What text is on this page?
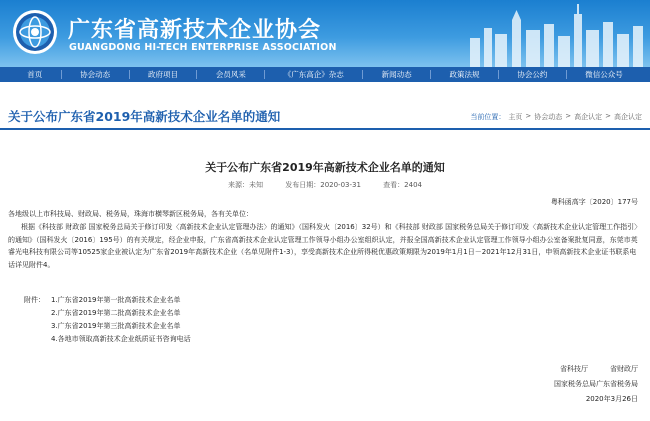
广东省高新技术企业协会
GUANGDONG HI-TECH ENTERPRISE ASSOCIATION
首页	协会动态	政府项目	会员风采	《广东高企》杂志	新闻动态	政策法规	协会公约	微信公众号
关于公布广东省2019年高新技术企业名单的通知	当前位置： 主页 > 协会动态 > 高企认定 > 高企认定
关于公布广东省2019年高新技术企业名单的通知
来源：未知	发布日期：2020-03-31	查看：2404
粤科函高字〔2020〕177号
各地级以上市科技局、财政局、税务局，珠海市横琴新区税务局，各有关单位：
根据《科技部 财政部 国家税务总局关于修订印发〈高新技术企业认定管理办法〉的通知》（国科发火〔2016〕32号）和《科技部 财政部 国家税务总局关于修订印发〈高新技术企业认定管理工作指引〉的通知》（国科发火〔2016〕195号）的有关规定，经企业申报，广东省高新技术企业认定管理工作领导小组办公室组织认定，并报全国高新技术企业认定管理工作领导小组办公室备案批复同意，东莞市英睿光电科技有限公司等10525家企业被认定为广东省2019年高新技术企业（名单见附件1-3），享受高新技术企业所得税优惠政策期限为2019年1月1日－2021年12月31日，申领高新技术企业证书联系电话详见附件4。
附件： 1.广东省2019年第一批高新技术企业名单
2.广东省2019年第二批高新技术企业名单
3.广东省2019年第三批高新技术企业名单
4.各地市领取高新技术企业纸质证书咨询电话
省科技厅	省财政厅
国家税务总局广东省税务局
2020年3月26日
